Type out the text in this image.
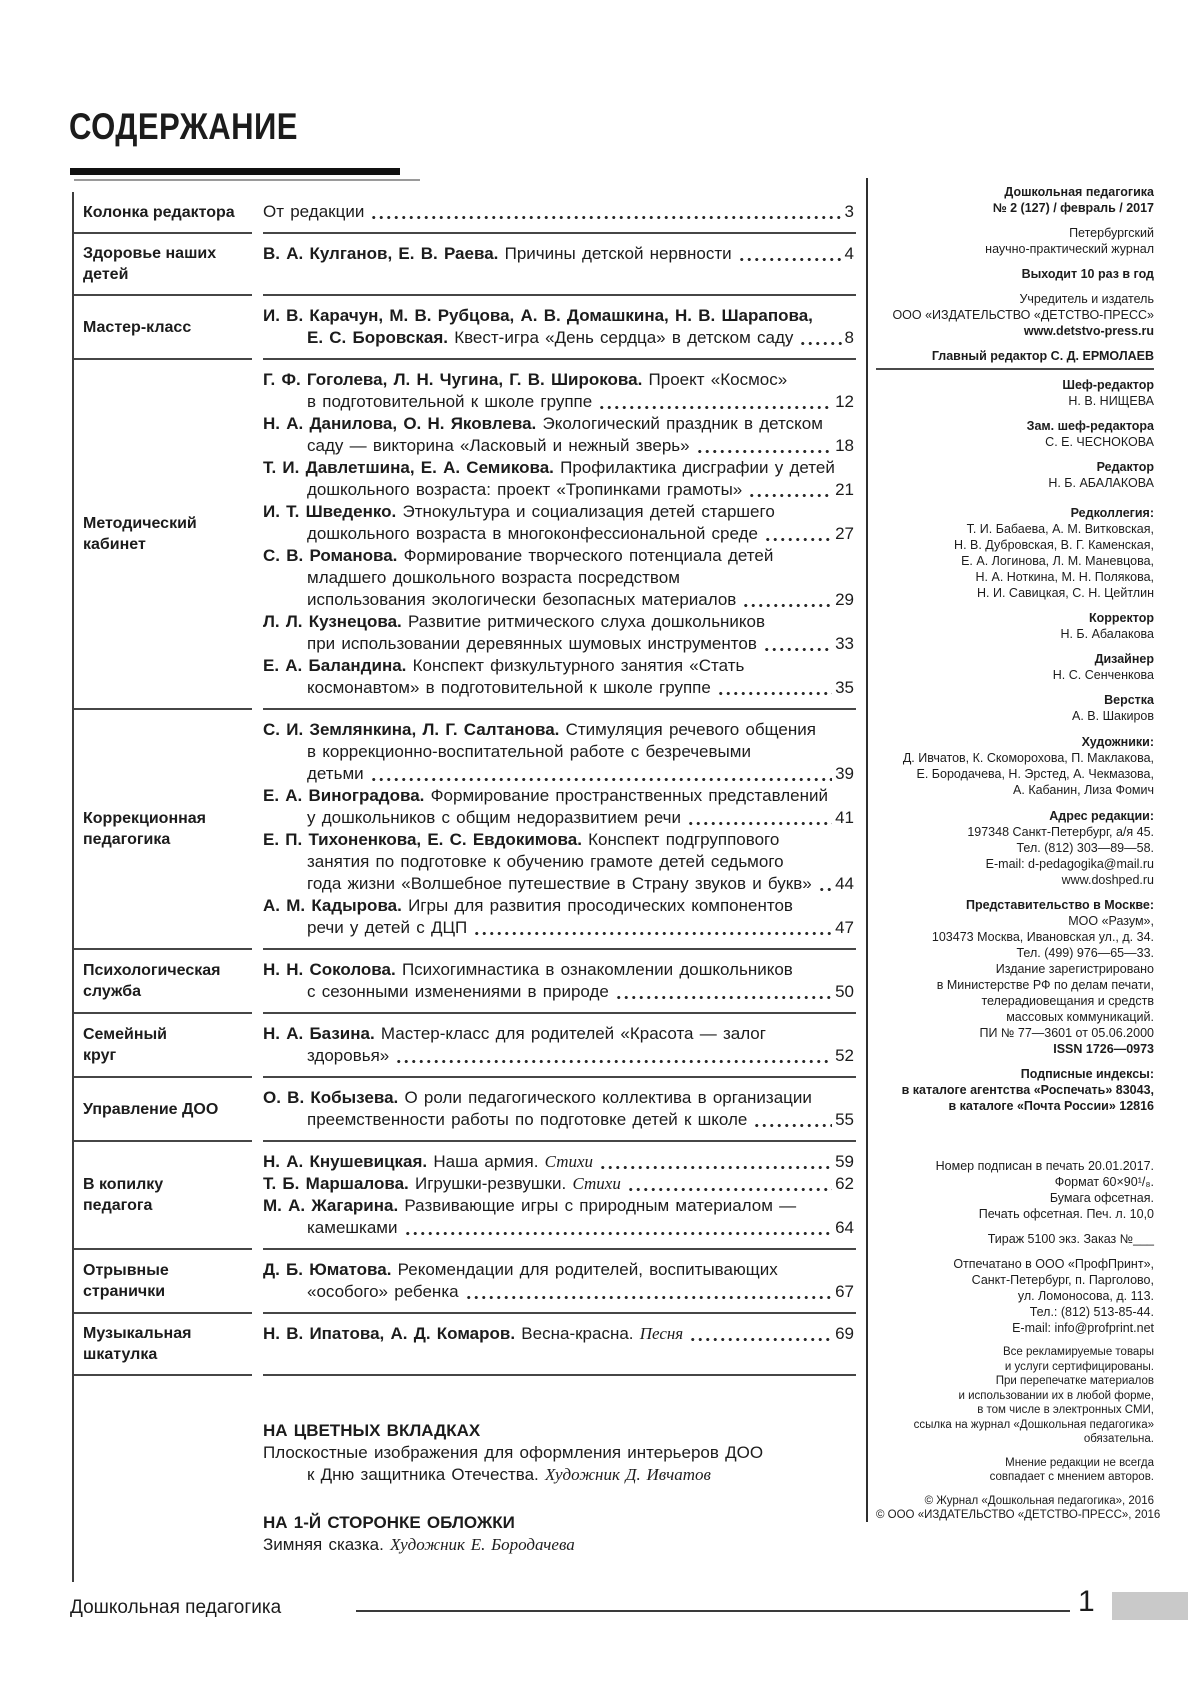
СОДЕРЖАНИЕ
Колонка редактора	От редакции	3
Здоровье наших
детей
В. А. Кулганов, Е. В. Раева. Причины детской нервности	4
Мастер-класс
И. В. Карачун, М. В. Рубцова, А. В. Домашкина, Н. В. Шарапова,
Е. С. Боровская. Квест-игра «День сердца» в детском саду	8
Методический
кабинет
Г. Ф. Гоголева, Л. Н. Чугина, Г. В. Широкова. Проект «Космос»
в подготовительной к школе группе	12
Н. А. Данилова, О. Н. Яковлева. Экологический праздник в детском
саду — викторина «Ласковый и нежный зверь»	18
Т. И. Давлетшина, Е. А. Семикова. Профилактика дисграфии у детей
дошкольного возраста: проект «Тропинками грамоты»	21
И. Т. Шведенко. Этнокультура и социализация детей старшего
дошкольного возраста в многоконфессиональной среде	27
С. В. Романова. Формирование творческого потенциала детей
младшего дошкольного возраста посредством
использования экологически безопасных материалов	29
Л. Л. Кузнецова. Развитие ритмического слуха дошкольников
при использовании деревянных шумовых инструментов	33
Е. А. Баландина. Конспект физкультурного занятия «Стать
космонавтом» в подготовительной к школе группе	35
Коррекционная
педагогика
С. И. Землянкина, Л. Г. Салтанова. Стимуляция речевого общения
в коррекционно-воспитательной работе с безречевыми
детьми	39
Е. А. Виноградова. Формирование пространственных представлений
у дошкольников с общим недоразвитием речи	41
Е. П. Тихоненкова, Е. С. Евдокимова. Конспект подгруппового
занятия по подготовке к обучению грамоте детей седьмого
года жизни «Волшебное путешествие в Страну звуков и букв» 44
А. М. Кадырова. Игры для развития просодических компонентов
речи у детей с ДЦП	47
Психологическая
служба
Н. Н. Соколова. Психогимнастика в ознакомлении дошкольников
с сезонными изменениями в природе	50
Семейный
круг
Н. А. Базина. Мастер-класс для родителей «Красота — залог
здоровья»	52
Управление ДОО
О. В. Кобызева. О роли педагогического коллектива в организации
преемственности работы по подготовке детей к школе	55
В копилку
педагога
Н. А. Кнушевицкая. Наша армия. Стихи	59
Т. Б. Маршалова. Игрушки-резвушки. Стихи	62
М. А. Жагарина. Развивающие игры с природным материалом —
камешками	64
Отрывные
странички
Д. Б. Юматова. Рекомендации для родителей, воспитывающих
«особого» ребенка	67
Музыкальная
шкатулка
Н. В. Ипатова, А. Д. Комаров. Весна-красна. Песня	69
НА ЦВЕТНЫХ ВКЛАДКАХ
Плоскостные изображения для оформления интерьеров ДОО
к Дню защитника Отечества. Художник Д. Ивчатов
НА 1-Й СТОРОНКЕ ОБЛОЖКИ
Зимняя сказка. Художник Е. Бородачева
Дошкольная педагогика
№ 2 (127) / февраль / 2017
Петербургский
научно-практический журнал
Выходит 10 раз в год
Учредитель и издатель
ООО «ИЗДАТЕЛЬСТВО «ДЕТСТВО-ПРЕСС»
www.detstvo-press.ru
Главный редактор С. Д. ЕРМОЛАЕВ
Шеф-редактор
Н. В. НИЩЕВА
Зам. шеф-редактора
С. Е. ЧЕСНОКОВА
Редактор
Н. Б. АБАЛАКОВА
Редколлегия:
Т. И. Бабаева, А. М. Витковская,
Н. В. Дубровская, В. Г. Каменская,
Е. А. Логинова, Л. М. Маневцова,
Н. А. Ноткина, М. Н. Полякова,
Н. И. Савицкая, С. Н. Цейтлин
Корректор
Н. Б. Абалакова
Дизайнер
Н. С. Сенченкова
Верстка
А. В. Шакиров
Художники:
Д. Ивчатов, К. Скоморохова, П. Маклакова,
Е. Бородачева, Н. Эрстед, А. Чекмазова,
А. Кабанин, Лиза Фомич
Адрес редакции:
197348 Санкт-Петербург, а/я 45.
Тел. (812) 303—89—58.
E-mail: d-pedagogika@mail.ru
www.doshped.ru
Представительство в Москве:
МОО «Разум»,
103473 Москва, Ивановская ул., д. 34.
Тел. (499) 976—65—33.
Издание зарегистрировано
в Министерстве РФ по делам печати,
телерадиовещания и средств
массовых коммуникаций.
ПИ № 77—3601 от 05.06.2000
ISSN 1726—0973
Подписные индексы:
в каталоге агентства «Роспечать» 83043,
в каталоге «Почта России» 12816
Номер подписан в печать 20.01.2017.
Формат 60×90¹/₈.
Бумага офсетная.
Печать офсетная. Печ. л. 10,0
Тираж 5100 экз. Заказ №___
Отпечатано в ООО «ПрофПринт»,
Санкт-Петербург, п. Парголово,
ул. Ломоносова, д. 113.
Тел.: (812) 513-85-44.
E-mail: info@profprint.net
Все рекламируемые товары
и услуги сертифицированы.
При перепечатке материалов
и использовании их в любой форме,
в том числе в электронных СМИ,
ссылка на журнал «Дошкольная педагогика»
обязательна.
Мнение редакции не всегда
совпадает с мнением авторов.
© Журнал «Дошкольная педагогика», 2016
© ООО «ИЗДАТЕЛЬСТВО «ДЕТСТВО-ПРЕСС», 2016
Дошкольная педагогика	1
